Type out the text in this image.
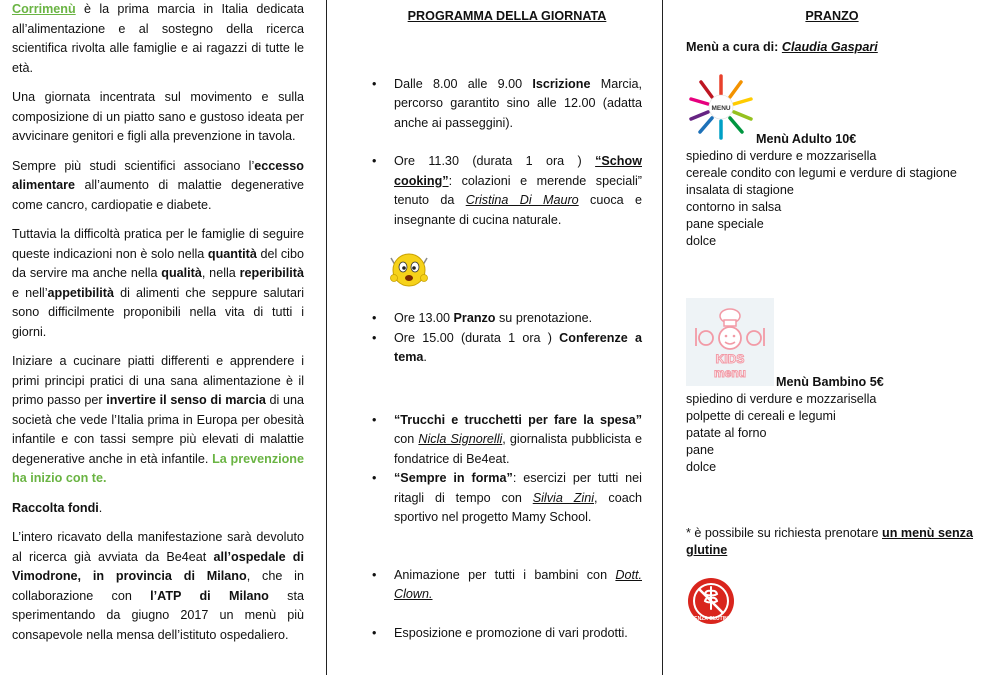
Corrimenù è la prima marcia in Italia dedicata all’alimentazione e al sostegno della ricerca scientifica rivolta alle famiglie e ai ragazzi di tutte le età.

Una giornata incentrata sul movimento e sulla composizione di un piatto sano e gustoso ideata per avvicinare genitori e figli alla prevenzione in tavola.

Sempre più studi scientifici associano l’eccesso alimentare all’aumento di malattie degenerative come cancro, cardiopatie e diabete.

Tuttavia la difficoltà pratica per le famiglie di seguire queste indicazioni non è solo nella quantità del cibo da servire ma anche nella qualità, nella reperibilità e nell’appetibilità di alimenti che seppure salutari sono difficilmente proponibili nella vita di tutti i giorni.

Iniziare a cucinare piatti differenti e apprendere i primi principi pratici di una sana alimentazione è il primo passo per invertire il senso di marcia di una società che vede l’Italia prima in Europa per obesità infantile e con tassi sempre più elevati di malattie degenerative anche in età infantile. La prevenzione ha inizio con te.

Raccolta fondi.

L’intero ricavato della manifestazione sarà devoluto al ricerca già avviata da Be4eat all’ospedale di Vimodrone, in provincia di Milano, che in collaborazione con l’ATP di Milano sta sperimentando da giugno 2017 un menù più consapevole nella mensa dell’istituto ospedaliero.

PROGRAMMA DELLA GIORNATA
• Dalle 8.00 alle 9.00 Iscrizione Marcia, percorso garantito sino alle 12.00 (adatta anche ai passeggini).
• Ore 11.30 (durata 1 ora ) “Schow cooking”: colazioni e merende speciali” tenuto da Cristina Di Mauro cuoca e insegnante di cucina naturale.
• Ore 13.00 Pranzo su prenotazione.
• Ore 15.00 (durata 1 ora ) Conferenze a tema.
• “Trucchi e trucchetti per fare la spesa” con Nicla Signorelli, giornalista pubblicista e fondatrice di Be4eat.
• “Sempre in forma”: esercizi per tutti nei ritagli di tempo con Silvia Zini, coach sportivo nel progetto Mamy School.
• Animazione per tutti i bambini con Dott. Clown.
• Esposizione e promozione di vari prodotti.
PRANZO
Menù a cura di: Claudia Gaspari
MENU
Menù Adulto 10€
spiedino di verdure e mozzarisella
cereale condito con legumi e verdure di stagione
insalata di stagione
contorno in salsa
pane speciale
dolce
KIDS
menu
Menù Bambino 5€
spiedino di verdure e mozzarisella
polpette di cereali e legumi
patate al forno
pane
dolce
* è possibile su richiesta prenotare un menù senza glutine
SENZA GLUTINE
